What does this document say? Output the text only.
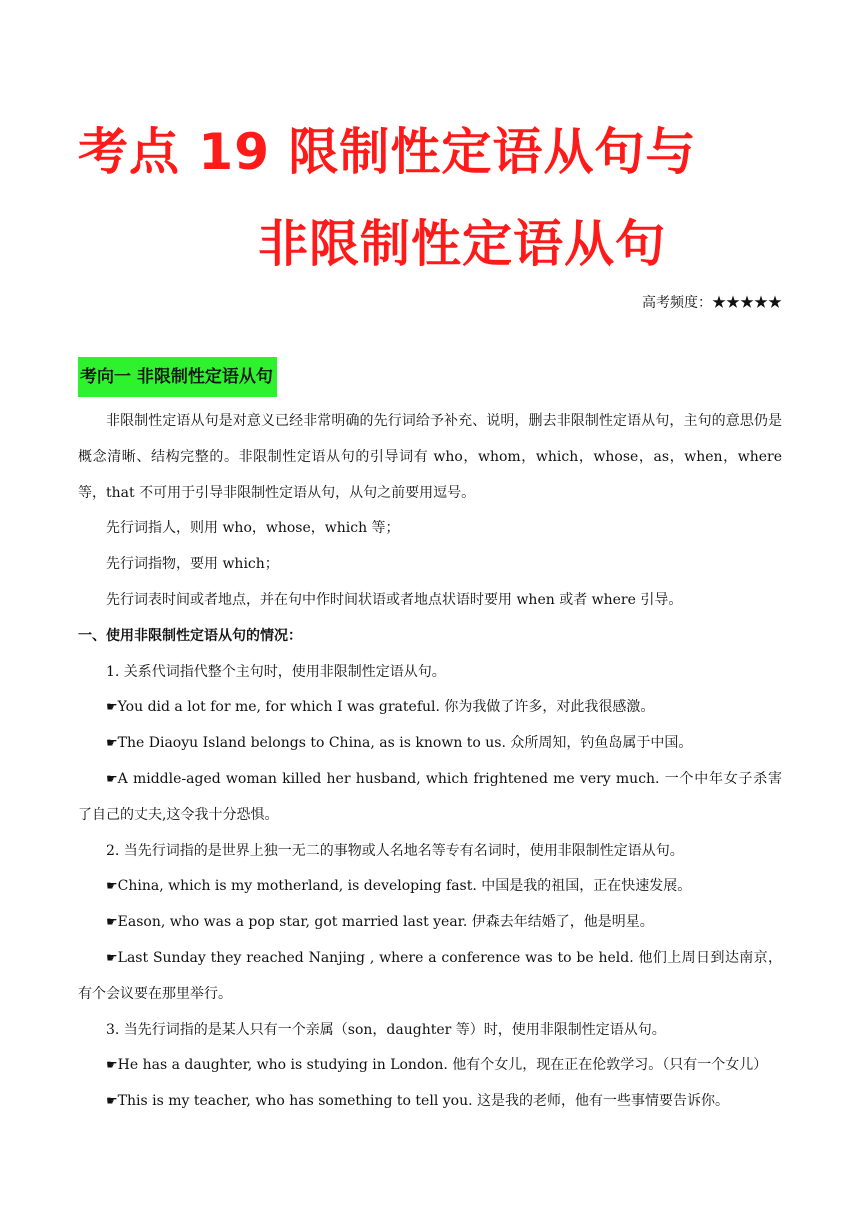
考点 19 限制性定语从句与
非限制性定语从句
高考频度：★★★★★
考向一 非限制性定语从句

非限制性定语从句是对意义已经非常明确的先行词给予补充、说明，删去非限制性定语从句，主句的意思仍是概念清晰、结构完整的。非限制性定语从句的引导词有 who，whom，which，whose，as，when，where 等，that 不可用于引导非限制性定语从句，从句之前要用逗号。

先行词指人，则用 who，whose，which 等；

先行词指物，要用 which；

先行词表时间或者地点，并在句中作时间状语或者地点状语时要用 when 或者 where 引导。

一、使用非限制性定语从句的情况：

1. 关系代词指代整个主句时，使用非限制性定语从句。

☛You did a lot for me, for which I was grateful. 你为我做了许多，对此我很感激。

☛The Diaoyu Island belongs to China, as is known to us. 众所周知，钓鱼岛属于中国。

☛A middle-aged woman killed her husband, which frightened me very much. 一个中年女子杀害了自己的丈夫,这令我十分恐惧。

2. 当先行词指的是世界上独一无二的事物或人名地名等专有名词时，使用非限制性定语从句。

☛China, which is my motherland, is developing fast. 中国是我的祖国，正在快速发展。

☛Eason, who was a pop star, got married last year. 伊森去年结婚了，他是明星。

☛Last Sunday they reached Nanjing , where a conference was to be held. 他们上周日到达南京，有个会议要在那里举行。

3. 当先行词指的是某人只有一个亲属（son，daughter 等）时，使用非限制性定语从句。

☛He has a daughter, who is studying in London. 他有个女儿，现在正在伦敦学习。（只有一个女儿）

☛This is my teacher, who has something to tell you. 这是我的老师，他有一些事情要告诉你。
